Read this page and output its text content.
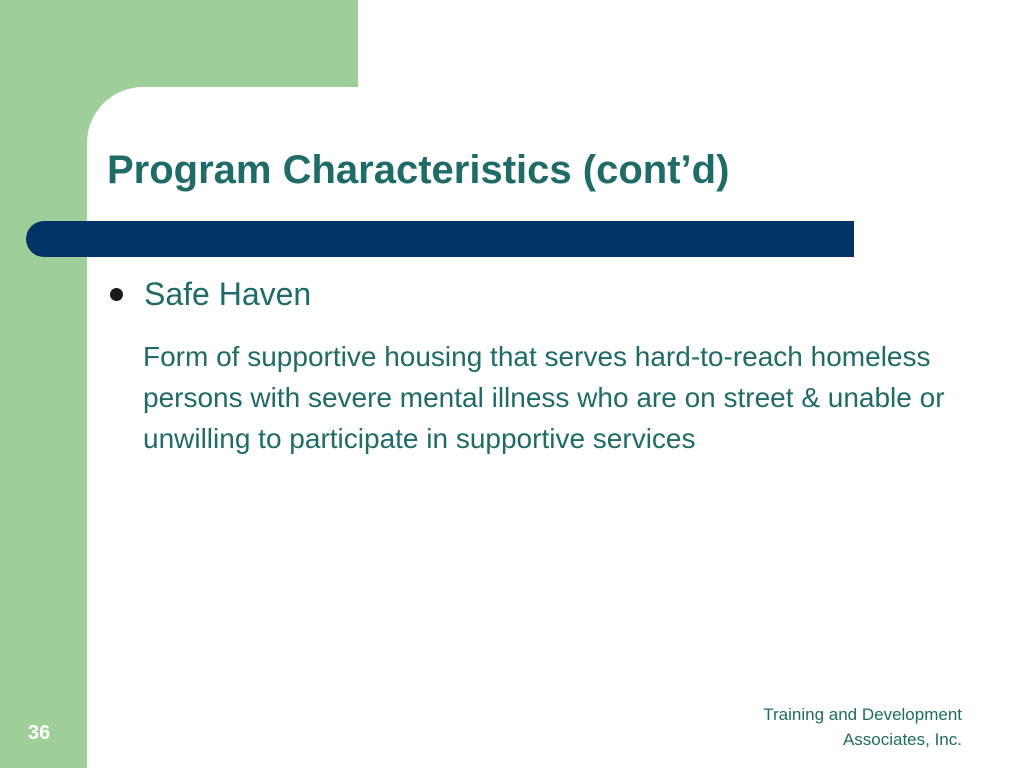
Program Characteristics (cont’d)
Safe Haven
Form of supportive housing that serves hard-to-reach homeless persons with severe mental illness who are on street & unable or unwilling to participate in supportive services
36
Training and Development
Associates, Inc.
